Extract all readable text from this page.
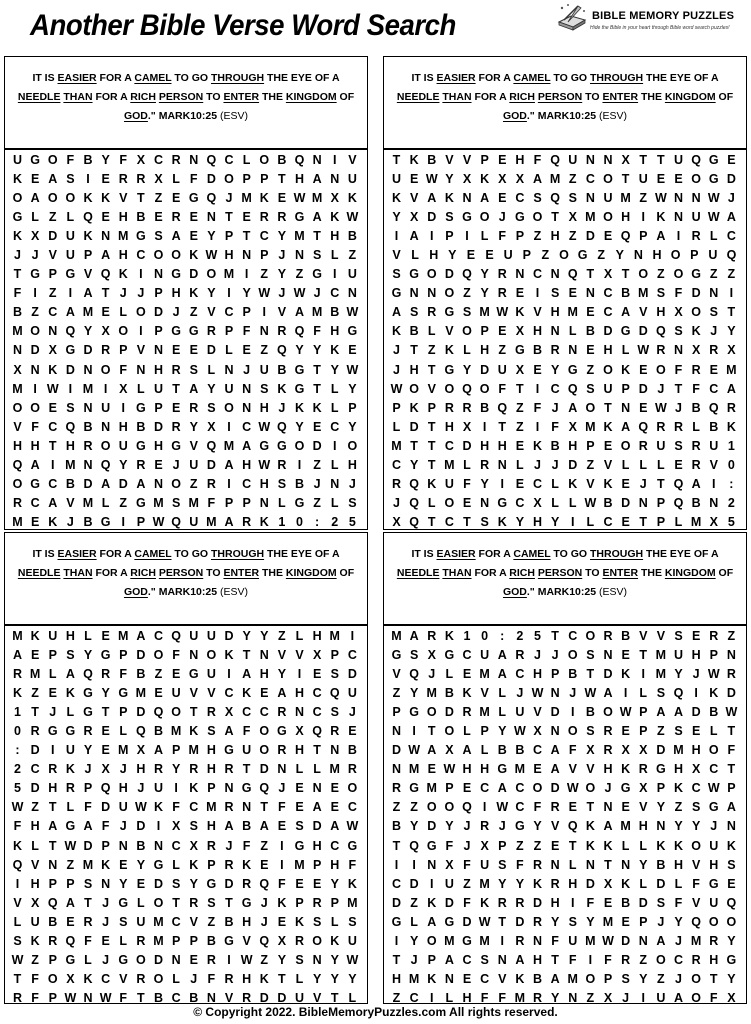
Another Bible Verse Word Search	BIBLE MEMORY PUZZLES
Hide the Bible in your heart through Bible word search puzzles!
IT IS EASIER FOR A CAMEL TO GO THROUGH THE EYE OF A
NEEDLE THAN FOR A RICH PERSON TO ENTER THE KINGDOM OF
GOD." MARK10:25 (ESV)
U G O F B Y F X C R N Q C L O B Q N I V
K E A S I E R R X L F D O P P T H A N U
O A O O K K V T Z E G Q J M K E W M X K
G L Z L Q E H B E R E N T E R R G A K W
K X D U K N M G S A E Y P T C Y M T H B
J J V U P A H C O O K W H N P J N S L Z
T G P G V Q K I N G D O M I Z Y Z G I U
F I Z I A T J J P H K Y I Y W J W J C N
B Z C A M E L O D J Z V C P I V A M B W
M O N Q Y X O I P G G R P F N R Q F H G
N D X G D R P V N E E D L E Z Q Y Y K E
X N K D N O F N H R S L N J U B G T Y W
M I W I M I X L U T A Y U N S K G T L Y
O O E S N U I G P E R S O N H J K K L P
V F C Q B N H B D R Y X I C W Q Y E C Y
H H T H R O U G H G V Q M A G G O D I O
Q A I M N Q Y R E J U D A H W R I Z L H
O G C B D A D A N O Z R I C H S B J N J
R C A V M L Z G M S M F P P N L G Z L S
M E K J B G I P W Q U M A R K 1 0 : 2 5
IT IS EASIER FOR A CAMEL TO GO THROUGH THE EYE OF A
NEEDLE THAN FOR A RICH PERSON TO ENTER THE KINGDOM OF
GOD." MARK10:25 (ESV)
T K B V V P E H F Q U N N X T T U Q G E
U E W Y X K X X A M Z C O T U E E O G D
K V A K N A E C S Q S N U M Z W N N W J
Y X D S G O J G O T X M O H I K N U W A
I A I P I L F P Z H Z D E Q P A I R L C
V L H Y E E U P Z O G Z Y N H O P U Q
S G O D Q Y R N C N Q T X T O Z O G Z Z
G N N O Z Y R E I S E N C B M S F D N I
A S R G S M W K V H M E C A V H X O S T
K B L V O P E X H N L B D G D Q S K J Y
J T Z K L H Z G B R N E H L W R N X R X
J H T G Y D U X E Y G Z O K E O F R E M
W O V O Q O F T I C Q S U P D J T F C A
P K P R R B Q Z F J A O T N E W J B Q R
L D T H X I T Z I F X M K A Q R R L B K
M T T C D H H E K B H P E O R U S R U 1
C Y T M L R N L J J D Z V L L L E R V 0
R Q K U F Y I E C L K V K E J T Q A I	:
J Q L O E N G C X L L W B D N P Q B N 2
X Q T C T S K Y H Y I L C E T P L M X 5
IT IS EASIER FOR A CAMEL TO GO THROUGH THE EYE OF A
NEEDLE THAN FOR A RICH PERSON TO ENTER THE KINGDOM OF
GOD." MARK10:25 (ESV)
M K U H L E M A C Q U U D Y Y Z L H M I
A E P S Y G P D O F N O K T N V V X P C
R M L A Q R F B Z E G U I A H Y I E S D
K Z E K G Y G M E U V V C K E A H C Q U
1 T J L G T P D Q O T R X C C R N C S J
0 R G G R E L Q B M K S A F O G X Q R E
: D I U Y E M X A P M H G U O R H T N B
2 C R K J X J H R Y R H R T D N L L M R
5 D H R P Q H J U I K P N G Q J E N E O
W Z T L F D U W K F C M R N T F E A E C
F H A G A F J D I X S H A B A E S D A W
K L T W D P N B N C X R J F Z I G H C G
Q V N Z M K E Y G L K P R K E I M P H F
I H P P S N Y E D S Y G D R Q F E E Y K
V X Q A T J G L O T R S T G J K P R P M
L U B E R J S U M C V Z B H J E K S L S
S K R Q F E L R M P P B G V Q X R O K U
W Z P G L J G O D N E R I W Z Y S N Y W
T F O X K C V R O L J F R H K T L Y Y Y
R F P W N W F T B C B N V R D D U V T L
IT IS EASIER FOR A CAMEL TO GO THROUGH THE EYE OF A
NEEDLE THAN FOR A RICH PERSON TO ENTER THE KINGDOM OF
GOD." MARK10:25 (ESV)
M A R K 1 0 : 2 5 T C O R B V V S E R Z
G S X G C U A R J J O S N E T M U H P N
V Q J L E M A C H P B T D K I M Y J W R
Z Y M B K V L J W N J W A I L S Q I K D
P G O D R M L U V D I B O W P A A D B W
N I T O L P Y W X N O S R E P Z S E L T
D W A X A L B B C A F X R X X D M H O F
N M E W H H G M E A V V H K R G H X C T
R G M P E C A C O D W O J G X P K C W P
Z Z O O Q I W C F R E T N E V Y Z S G A
B Y D Y J R J G Y V Q K A M H N Y Y J N
T Q G F J X P Z Z E T K K L L K K O U K
I	I N X F U S F R N L N T N Y B H V H S
C D I U Z M Y Y K R H D X K L D L F G E
D Z K D F K R R D H I F E B D S F V U Q
G L A G D W T D R Y S Y M E P J Y Q O O
I Y O M G M I R N F U M W D N A J M R Y
T J P A C S N A H T F I F R Z O C R H G
H M K N E C V K B A M O P S Y Z J O T Y
Z C I L H F F M R Y N Z X J I U A O F X
© Copyright 2022. BibleMemoryPuzzles.com All rights reserved.
